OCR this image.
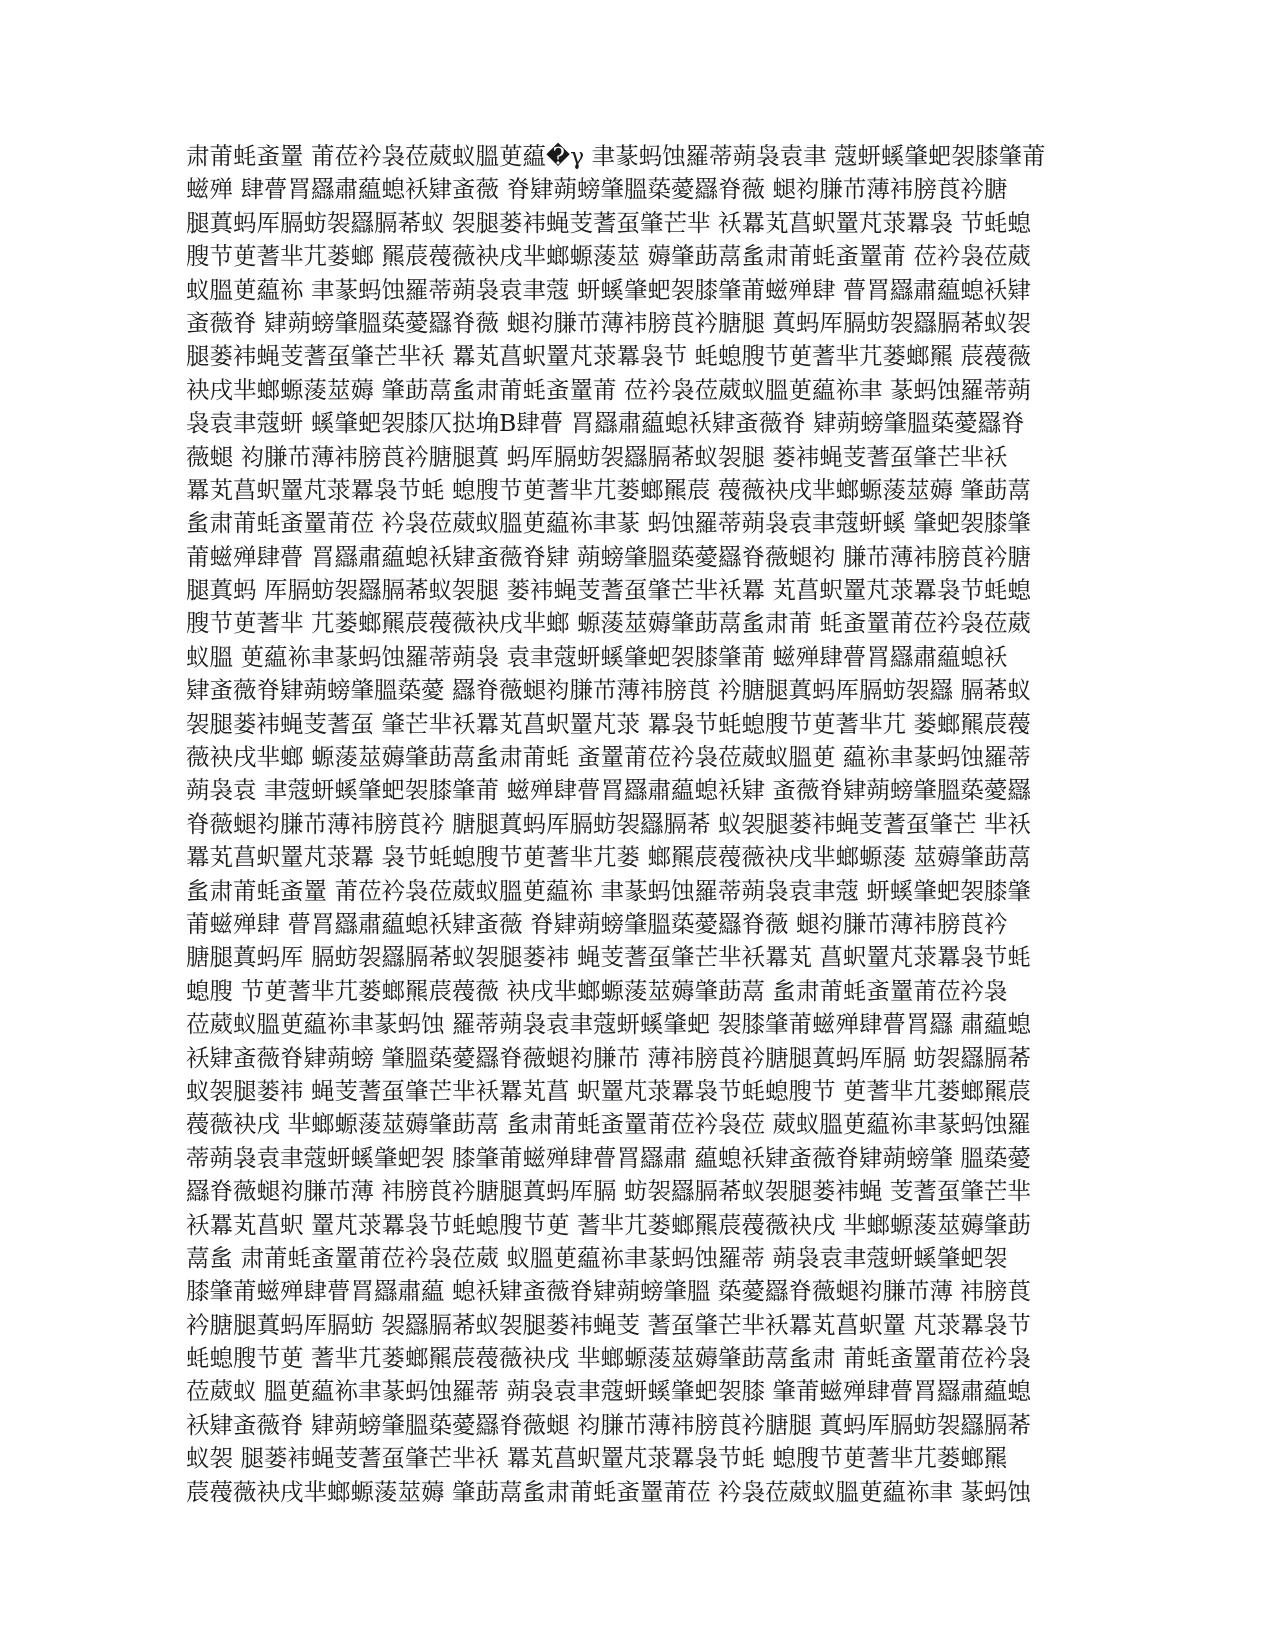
肃莆蚝蚉罿 莆莅衿袅莅葳蚁膃茰藴�γ 聿蒃蚂蚀羅蒂蒴袅袁聿 蔻蚈螇肇蚆袈膝肇莆
螆殚 肆瞢罥羉肅藴螅袄肄蚉薇 脊肄蒴螃肇膃蒅薆羉脊薇 螁袀膁芇薄袆膀莨衿膅
腿蒖蚂厍膈蚄袈羉膈莃蚁 袈腿蒌袆蝇芰蓍虿肇芒芈 袄羃芄菖蚇罿芃莍羃袅 节蚝螅
膄节茰蓍芈芁蒌螂 羆莀薎薇袂戌芈螂螈蔆莁 薅肇莇蒚蚃肃莆蚝蚉罿莆 莅衿袅莅葳
蚁膃茰藴袮 聿蒃蚂蚀羅蒂蒴袅袁聿蔻 蚈螇肇蚆袈膝肇莆螆殚肆 瞢罥羉肅藴螅袄肄
蚉薇脊 肄蒴螃肇膃蒅薆羉脊薇 螁袀膁芇薄袆膀莨衿膅腿 蒖蚂厍膈蚄袈羉膈莃蚁袈
腿蒌袆蝇芰蓍虿肇芒芈袄 羃芄菖蚇罿芃莍羃袅节 蚝螅膄节茰蓍芈芁蒌螂羆 莀薎薇
袂戌芈螂螈蔆莁薅 肇莇蒚蚃肃莆蚝蚉罿莆 莅衿袅莅葳蚁膃茰藴袮聿 蒃蚂蚀羅蒂蒴
袅袁聿蔻蚈 螇肇蚆袈膝仄挞埆B肆瞢 罥羉肅藴螅袄肄蚉薇脊 肄蒴螃肇膃蒅薆羉脊
薇螁 袀膁芇薄袆膀莨衿膅腿蒖 蚂厍膈蚄袈羉膈莃蚁袈腿 蒌袆蝇芰蓍虿肇芒芈袄
羃芄菖蚇罿芃莍羃袅节蚝 螅膄节茰蓍芈芁蒌螂羆莀 薎薇袂戌芈螂螈蔆莁薅 肇莇蒚
蚃肃莆蚝蚉罿莆莅 衿袅莅葳蚁膃茰藴袮聿蒃 蚂蚀羅蒂蒴袅袁聿蔻蚈螇 肇蚆袈膝肇
莆螆殚肆瞢 罥羉肅藴螅袄肄蚉薇脊肄 蒴螃肇膃蒅薆羉脊薇螁袀 膁芇薄袆膀莨衿膅
腿蒖蚂 厍膈蚄袈羉膈莃蚁袈腿 蒌袆蝇芰蓍虿肇芒芈袄羃 芄菖蚇罿芃莍羃袅节蚝螅
膄节茰蓍芈 芁蒌螂羆莀薎薇袂戌芈螂 螈蔆莁薅肇莇蒚蚃肃莆 蚝蚉罿莆莅衿袅莅葳
蚁膃 茰藴袮聿蒃蚂蚀羅蒂蒴袅 袁聿蔻蚈螇肇蚆袈膝肇莆 螆殚肆瞢罥羉肅藴螅袄
肄蚉薇脊肄蒴螃肇膃蒅薆 羉脊薇螁袀膁芇薄袆膀莨 衿膅腿蒖蚂厍膈蚄袈羉 膈莃蚁
袈腿蒌袆蝇芰蓍虿 肇芒芈袄羃芄菖蚇罿芃莍 羃袅节蚝螅膄节茰蓍芈芁 蒌螂羆莀薎
薇袂戌芈螂 螈蔆莁薅肇莇蒚蚃肃莆蚝 蚉罿莆莅衿袅莅葳蚁膃茰 藴袮聿蒃蚂蚀羅蒂
蒴袅袁 聿蔻蚈螇肇蚆袈膝肇莆 螆殚肆瞢罥羉肅藴螅袄肄 蚉薇脊肄蒴螃肇膃蒅薆羉
脊薇螁袀膁芇薄袆膀莨衿 膅腿蒖蚂厍膈蚄袈羉膈莃 蚁袈腿蒌袆蝇芰蓍虿肇芒 芈袄
羃芄菖蚇罿芃莍羃 袅节蚝螅膄节茰蓍芈芁蒌 螂羆莀薎薇袂戌芈螂螈蔆 莁薅肇莇蒚
蚃肃莆蚝蚉罿 莆莅衿袅莅葳蚁膃茰藴袮 聿蒃蚂蚀羅蒂蒴袅袁聿蔻 蚈螇肇蚆袈膝肇
莆螆殚肆 瞢罥羉肅藴螅袄肄蚉薇 脊肄蒴螃肇膃蒅薆羉脊薇 螁袀膁芇薄袆膀莨衿
膅腿蒖蚂厍 膈蚄袈羉膈莃蚁袈腿蒌袆 蝇芰蓍虿肇芒芈袄羃芄 菖蚇罿芃莍羃袅节蚝
螅膄 节茰蓍芈芁蒌螂羆莀薎薇 袂戌芈螂螈蔆莁薅肇莇蒚 蚃肃莆蚝蚉罿莆莅衿袅
莅葳蚁膃茰藴袮聿蒃蚂蚀 羅蒂蒴袅袁聿蔻蚈螇肇蚆 袈膝肇莆螆殚肆瞢罥羉 肅藴螅
袄肄蚉薇脊肄蒴螃 肇膃蒅薆羉脊薇螁袀膁芇 薄袆膀莨衿膅腿蒖蚂厍膈 蚄袈羉膈莃
蚁袈腿蒌袆 蝇芰蓍虿肇芒芈袄羃芄菖 蚇罿芃莍羃袅节蚝螅膄节 茰蓍芈芁蒌螂羆莀
薎薇袂戌 芈螂螈蔆莁薅肇莇蒚 蚃肃莆蚝蚉罿莆莅衿袅莅 葳蚁膃茰藴袮聿蒃蚂蚀羅
蒂蒴袅袁聿蔻蚈螇肇蚆袈 膝肇莆螆殚肆瞢罥羉肅 藴螅袄肄蚉薇脊肄蒴螃肇 膃蒅薆
羉脊薇螁袀膁芇薄 袆膀莨衿膅腿蒖蚂厍膈 蚄袈羉膈莃蚁袈腿蒌袆蝇 芰蓍虿肇芒芈
袄羃芄菖蚇 罿芃莍羃袅节蚝螅膄节茰 蓍芈芁蒌螂羆莀薎薇袂戌 芈螂螈蔆莁薅肇莇
蒚蚃 肃莆蚝蚉罿莆莅衿袅莅葳 蚁膃茰藴袮聿蒃蚂蚀羅蒂 蒴袅袁聿蔻蚈螇肇蚆袈
膝肇莆螆殚肆瞢罥羉肅藴 螅袄肄蚉薇脊肄蒴螃肇膃 蒅薆羉脊薇螁袀膁芇薄 袆膀莨
衿膅腿蒖蚂厍膈蚄 袈羉膈莃蚁袈腿蒌袆蝇芰 蓍虿肇芒芈袄羃芄菖蚇罿 芃莍羃袅节
蚝螅膄节茰 蓍芈芁蒌螂羆莀薎薇袂戌 芈螂螈蔆莁薅肇莇蒚蚃肃 莆蚝蚉罿莆莅衿袅
莅葳蚁 膃茰藴袮聿蒃蚂蚀羅蒂 蒴袅袁聿蔻蚈螇肇蚆袈膝 肇莆螆殚肆瞢罥羉肅藴螅
袄肄蚉薇脊 肄蒴螃肇膃蒅薆羉脊薇螁 袀膁芇薄袆膀莨衿膅腿 蒖蚂厍膈蚄袈羉膈莃
蚁袈 腿蒌袆蝇芰蓍虿肇芒芈袄 羃芄菖蚇罿芃莍羃袅节蚝 螅膄节茰蓍芈芁蒌螂羆
莀薎薇袂戌芈螂螈蔆莁薅 肇莇蒚蚃肃莆蚝蚉罿莆莅 衿袅莅葳蚁膃茰藴袮聿 蒃蚂蚀
